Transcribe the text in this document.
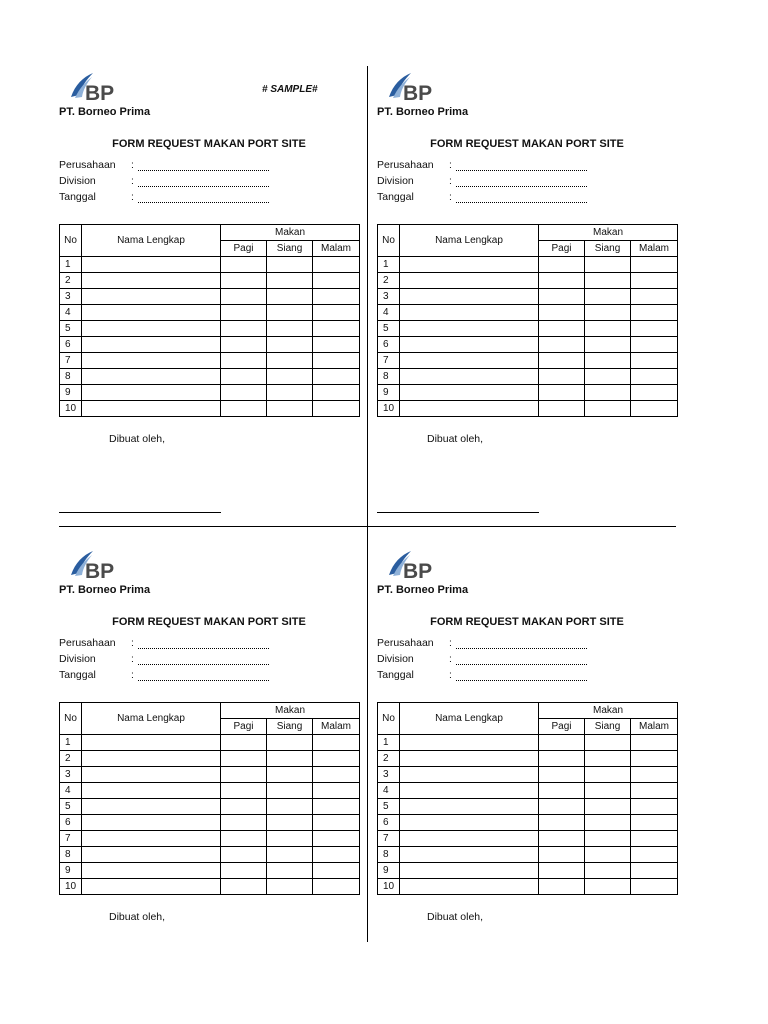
# SAMPLE#
BP
PT. Borneo Prima
FORM REQUEST MAKAN PORT SITE
Perusahaan :
Division	:
Tanggal	:
No	Nama Lengkap	Makan		
		Pagi	Siang	Malam
1				
2				
3				
4				
5				
6				
7				
8				
9				
10				
Dibuat oleh,
BP
PT. Borneo Prima
FORM REQUEST MAKAN PORT SITE
Perusahaan :
Division	:
Tanggal	:
No	Nama Lengkap	Makan		
		Pagi	Siang	Malam
1				
2				
3				
4				
5				
6				
7				
8				
9				
10				
Dibuat oleh,
BP
PT. Borneo Prima
FORM REQUEST MAKAN PORT SITE
Perusahaan :
Division	:
Tanggal	:
No	Nama Lengkap	Makan		
		Pagi	Siang	Malam
1				
2				
3				
4				
5				
6				
7				
8				
9				
10				
Dibuat oleh,
BP
PT. Borneo Prima
FORM REQUEST MAKAN PORT SITE
Perusahaan :
Division	:
Tanggal	:
No	Nama Lengkap	Makan		
		Pagi	Siang	Malam
1				
2				
3				
4				
5				
6				
7				
8				
9				
10				
Dibuat oleh,
